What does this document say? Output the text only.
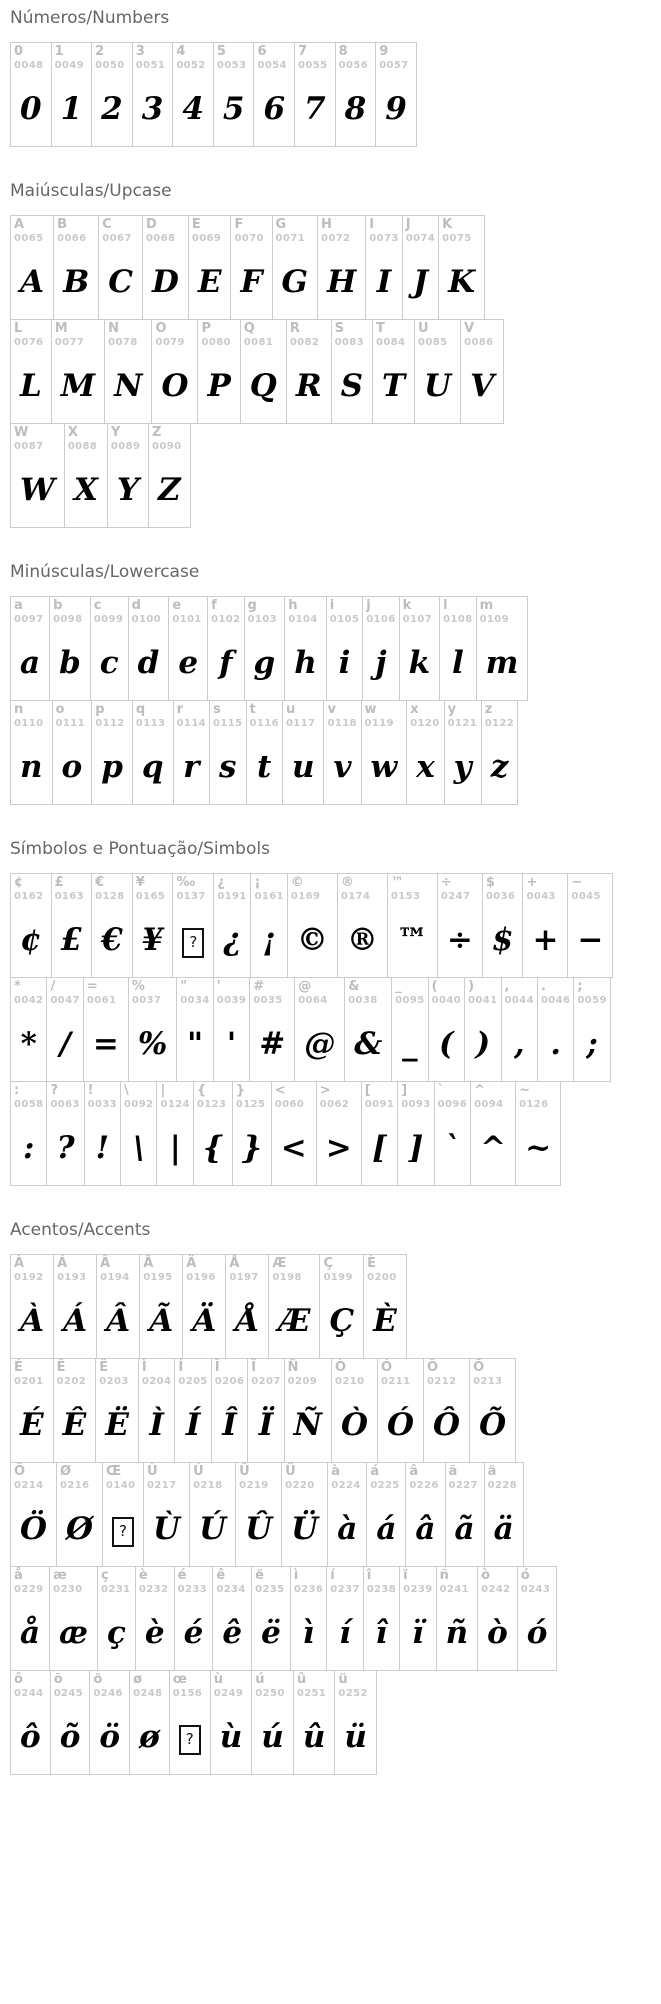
Números/Numbers
0
0048
0
1
0049
1
2
0050
2
3
0051
3
4
0052
4
5
0053
5
6
0054
6
7
0055
7
8
0056
8
9
0057
9
Maiúsculas/Upcase
A
0065
A
B
0066
B
C
0067
C
D
0068
D
E
0069
E
F
0070
F
G
0071
G
H
0072
H
I
0073
I
J
0074
J
K
0075
K
L
0076
L
M
0077
M
N
0078
N
O
0079
O
P
0080
P
Q
0081
Q
R
0082
R
S
0083
S
T
0084
T
U
0085
U
V
0086
V
W
0087
W
X
0088
X
Y
0089
Y
Z
0090
Z
Minúsculas/Lowercase
a
0097
a
b
0098
b
c
0099
c
d
0100
d
e
0101
e
f
0102
f
g
0103
g
h
0104
h
i
0105
i
j
0106
j
k
0107
k
l
0108
l
m
0109
m
n
0110
n
o
0111
o
p
0112
p
q
0113
q
r
0114
r
s
0115
s
t
0116
t
u
0117
u
v
0118
v
w
0119
w
x
0120
x
y
0121
y
z
0122
z
Símbolos e Pontuação/Simbols
¢
0162
¢
£
0163
£
€
0128
€
¥
0165
¥
‰
0137
?
¿
0191
¿
¡
0161
¡
©
0169
©
®
0174
®
™
0153
™
÷
0247
÷
$
0036
$
+
0043
+
−
0045
−
*
0042
*
/
0047
/
=
0061
=
%
0037
%
"
0034
"
'
0039
'
#
0035
#
@
0064
@
&
0038
&
_
0095
_
(
0040
(
)
0041
)
,
0044
,
.
0046
.
;
0059
;
:
0058
:
?
0063
?
!
0033
!
\
0092
\
|
0124
|
{
0123
{
}
0125
}
<
0060
<
>
0062
>
[
0091
[
]
0093
]
`
0096
`
^
0094
^
~
0126
~
Acentos/Accents
À
0192
À
Á
0193
Á
Â
0194
Â
Ã
0195
Ã
Ä
0196
Ä
Å
0197
Å
Æ
0198
Æ
Ç
0199
Ç
È
0200
È
É
0201
É
Ê
0202
Ê
Ë
0203
Ë
Ì
0204
Ì
Í
0205
Í
Î
0206
Î
Ï
0207
Ï
Ñ
0209
Ñ
Ò
0210
Ò
Ó
0211
Ó
Ô
0212
Ô
Õ
0213
Õ
Ö
0214
Ö
Ø
0216
Ø
Œ
0140
?
Ù
0217
Ù
Ú
0218
Ú
Û
0219
Û
Ü
0220
Ü
à
0224
à
á
0225
á
â
0226
â
ã
0227
ã
ä
0228
ä
å
0229
å
æ
0230
æ
ç
0231
ç
è
0232
è
é
0233
é
ê
0234
ê
ë
0235
ë
ì
0236
ì
í
0237
í
î
0238
î
ï
0239
ï
ñ
0241
ñ
ò
0242
ò
ó
0243
ó
ô
0244
ô
õ
0245
õ
ö
0246
ö
ø
0248
ø
œ
0156
?
ù
0249
ù
ú
0250
ú
û
0251
û
ü
0252
ü
